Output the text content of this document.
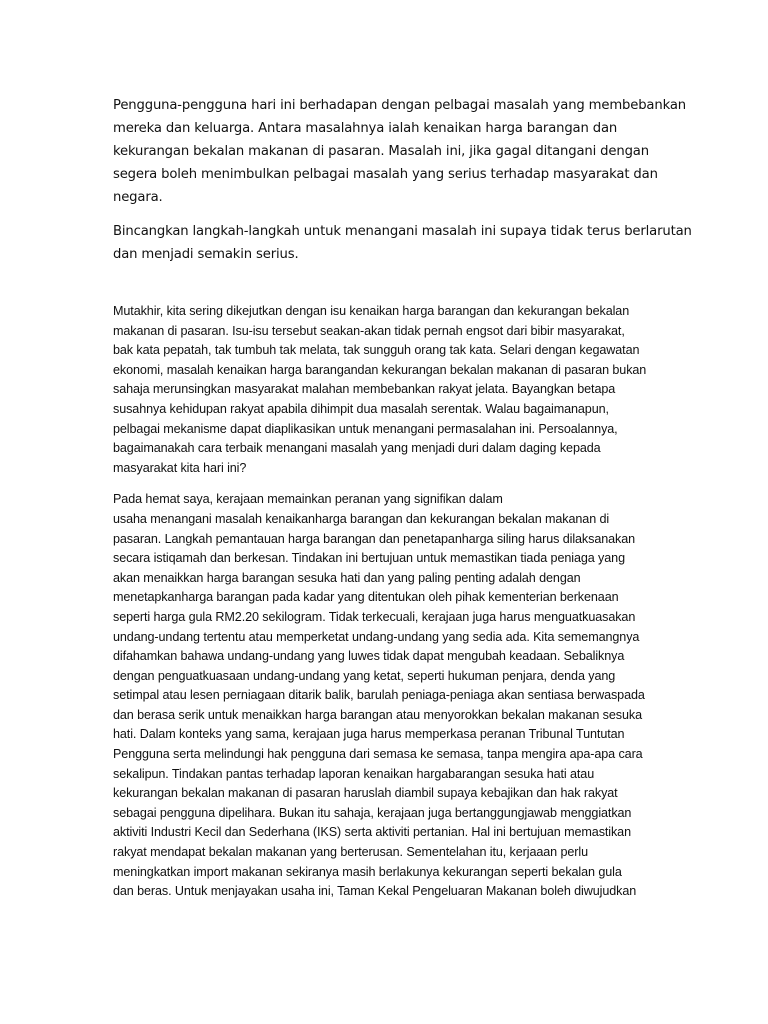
Pengguna-pengguna hari ini berhadapan dengan pelbagai masalah yang membebankan
mereka dan keluarga. Antara masalahnya ialah kenaikan harga barangan dan
kekurangan bekalan makanan di pasaran. Masalah ini, jika gagal ditangani dengan
segera boleh menimbulkan pelbagai masalah yang serius terhadap masyarakat dan
negara.
Bincangkan langkah-langkah untuk menangani masalah ini supaya tidak terus berlarutan
dan menjadi semakin serius.
Mutakhir, kita sering dikejutkan dengan isu kenaikan harga barangan dan kekurangan bekalan
makanan di pasaran. Isu-isu tersebut seakan-akan tidak pernah engsot dari bibir masyarakat,
bak kata pepatah, tak tumbuh tak melata, tak sungguh orang tak kata. Selari dengan kegawatan
ekonomi, masalah kenaikan harga barangandan kekurangan bekalan makanan di pasaran bukan
sahaja merunsingkan masyarakat malahan membebankan rakyat jelata. Bayangkan betapa
susahnya kehidupan rakyat apabila dihimpit dua masalah serentak. Walau bagaimanapun,
pelbagai mekanisme dapat diaplikasikan untuk menangani permasalahan ini. Persoalannya,
bagaimanakah cara terbaik menangani masalah yang menjadi duri dalam daging kepada
masyarakat kita hari ini?
Pada hemat saya, kerajaan memainkan peranan yang signifikan dalam
usaha menangani masalah kenaikanharga barangan dan kekurangan bekalan makanan di
pasaran. Langkah pemantauan harga barangan dan penetapanharga siling harus dilaksanakan
secara istiqamah dan berkesan. Tindakan ini bertujuan untuk memastikan tiada peniaga yang
akan menaikkan harga barangan sesuka hati dan yang paling penting adalah dengan
menetapkanharga barangan pada kadar yang ditentukan oleh pihak kementerian berkenaan
seperti harga gula RM2.20 sekilogram. Tidak terkecuali, kerajaan juga harus menguatkuasakan
undang-undang tertentu atau memperketat undang-undang yang sedia ada. Kita sememangnya
difahamkan bahawa undang-undang yang luwes tidak dapat mengubah keadaan. Sebaliknya
dengan penguatkuasaan undang-undang yang ketat, seperti hukuman penjara, denda yang
setimpal atau lesen perniagaan ditarik balik, barulah peniaga-peniaga akan sentiasa berwaspada
dan berasa serik untuk menaikkan harga barangan atau menyorokkan bekalan makanan sesuka
hati. Dalam konteks yang sama, kerajaan juga harus memperkasa peranan Tribunal Tuntutan
Pengguna serta melindungi hak pengguna dari semasa ke semasa, tanpa mengira apa-apa cara
sekalipun. Tindakan pantas terhadap laporan kenaikan hargabarangan sesuka hati atau
kekurangan bekalan makanan di pasaran haruslah diambil supaya kebajikan dan hak rakyat
sebagai pengguna dipelihara. Bukan itu sahaja, kerajaan juga bertanggungjawab menggiatkan
aktiviti Industri Kecil dan Sederhana (IKS) serta aktiviti pertanian. Hal ini bertujuan memastikan
rakyat mendapat bekalan makanan yang berterusan. Sementelahan itu, kerjaaan perlu
meningkatkan import makanan sekiranya masih berlakunya kekurangan seperti bekalan gula
dan beras. Untuk menjayakan usaha ini, Taman Kekal Pengeluaran Makanan boleh diwujudkan
